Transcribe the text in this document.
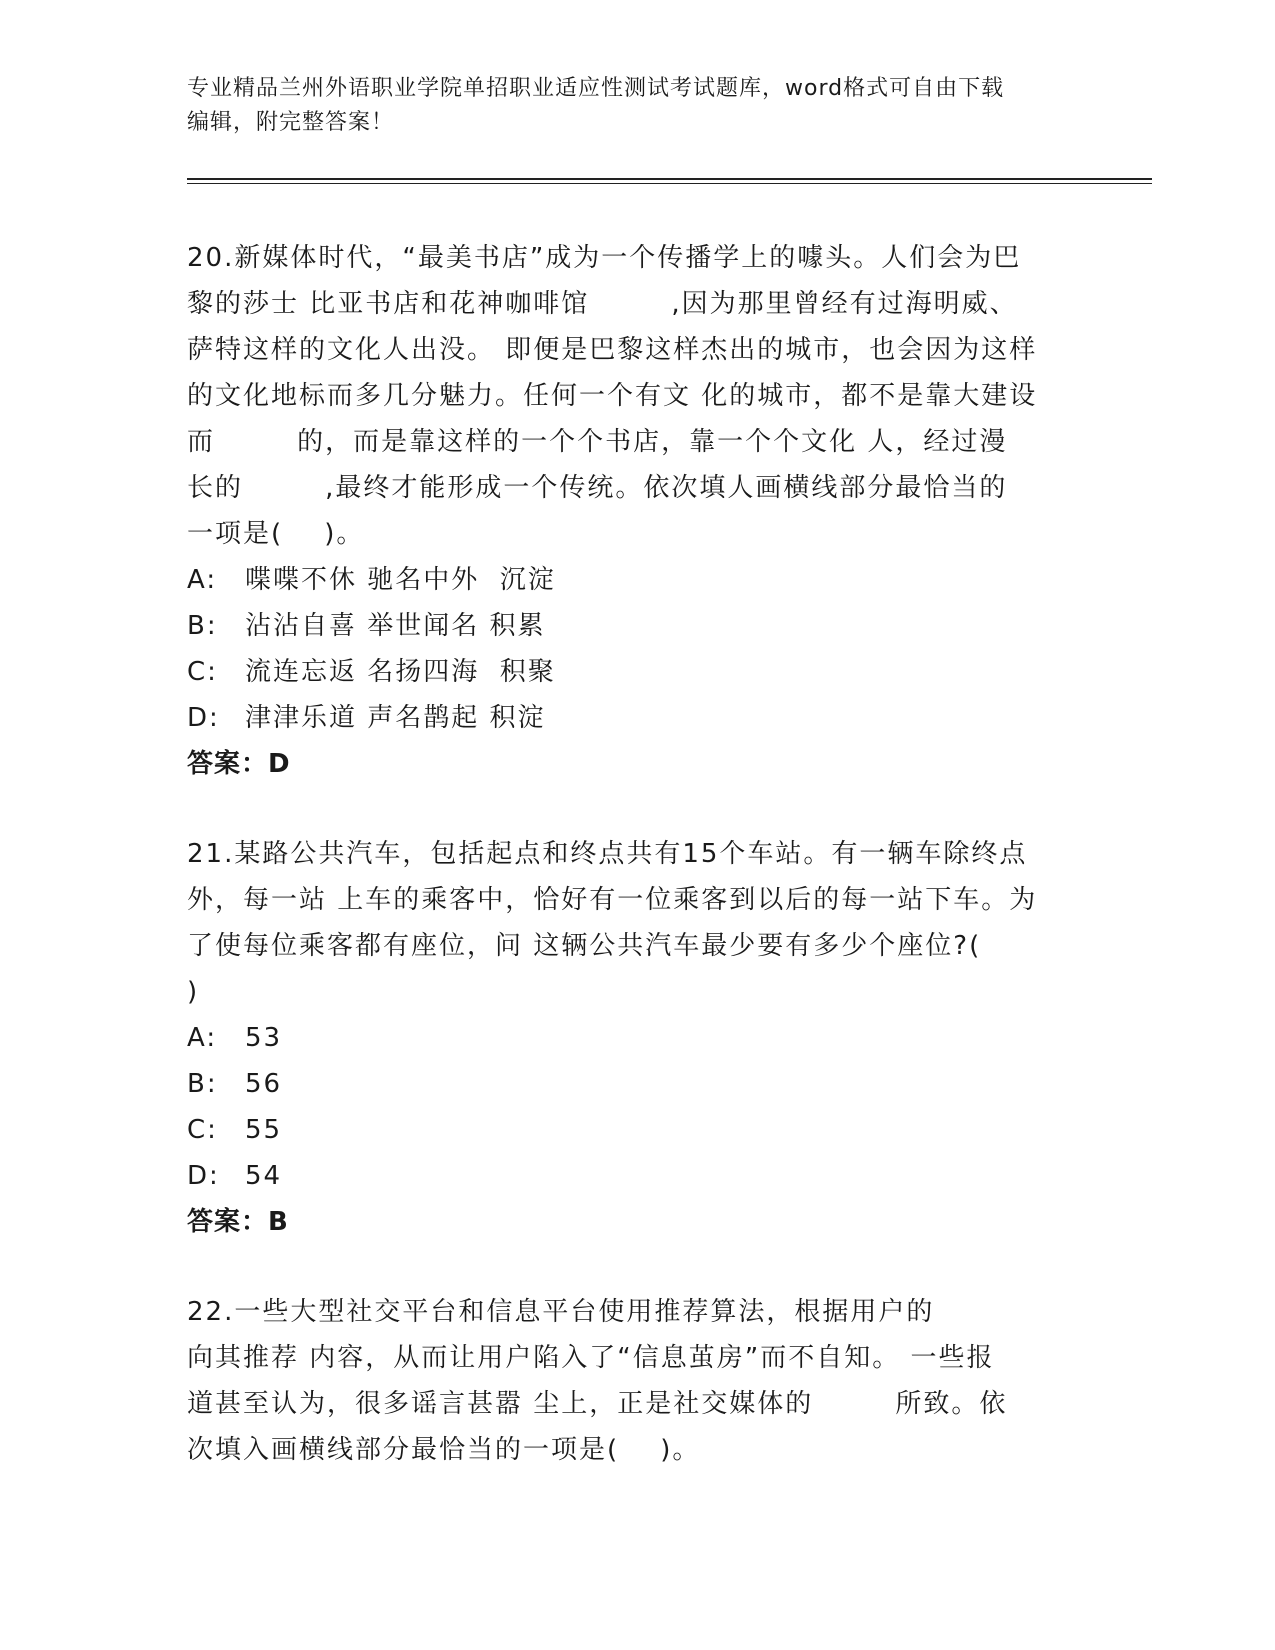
专业精品兰州外语职业学院单招职业适应性测试考试题库，word格式可自由下载
编辑，附完整答案！
20.新媒体时代，“最美书店”成为一个传播学上的噱头。人们会为巴
黎的莎士 比亚书店和花神咖啡馆        ,因为那里曾经有过海明威、
萨特这样的文化人出没。 即便是巴黎这样杰出的城市，也会因为这样
的文化地标而多几分魅力。任何一个有文 化的城市，都不是靠大建设
而        的，而是靠这样的一个个书店，靠一个个文化 人，经过漫
长的        ,最终才能形成一个传统。依次填人画横线部分最恰当的
一项是(    )。
A: 喋喋不休 驰名中外  沉淀
B: 沾沾自喜 举世闻名 积累
C: 流连忘返 名扬四海  积聚
D: 津津乐道 声名鹊起 积淀
答案：D
21.某路公共汽车，包括起点和终点共有15个车站。有一辆车除终点
外，每一站 上车的乘客中，恰好有一位乘客到以后的每一站下车。为
了使每位乘客都有座位，问 这辆公共汽车最少要有多少个座位?(
)
A: 53
B: 56
C: 55
D: 54
答案：B
22.一些大型社交平台和信息平台使用推荐算法，根据用户的
向其推荐 内容，从而让用户陷入了“信息茧房”而不自知。 一些报
道甚至认为，很多谣言甚嚣 尘上，正是社交媒体的        所致。依
次填入画横线部分最恰当的一项是(    )。
